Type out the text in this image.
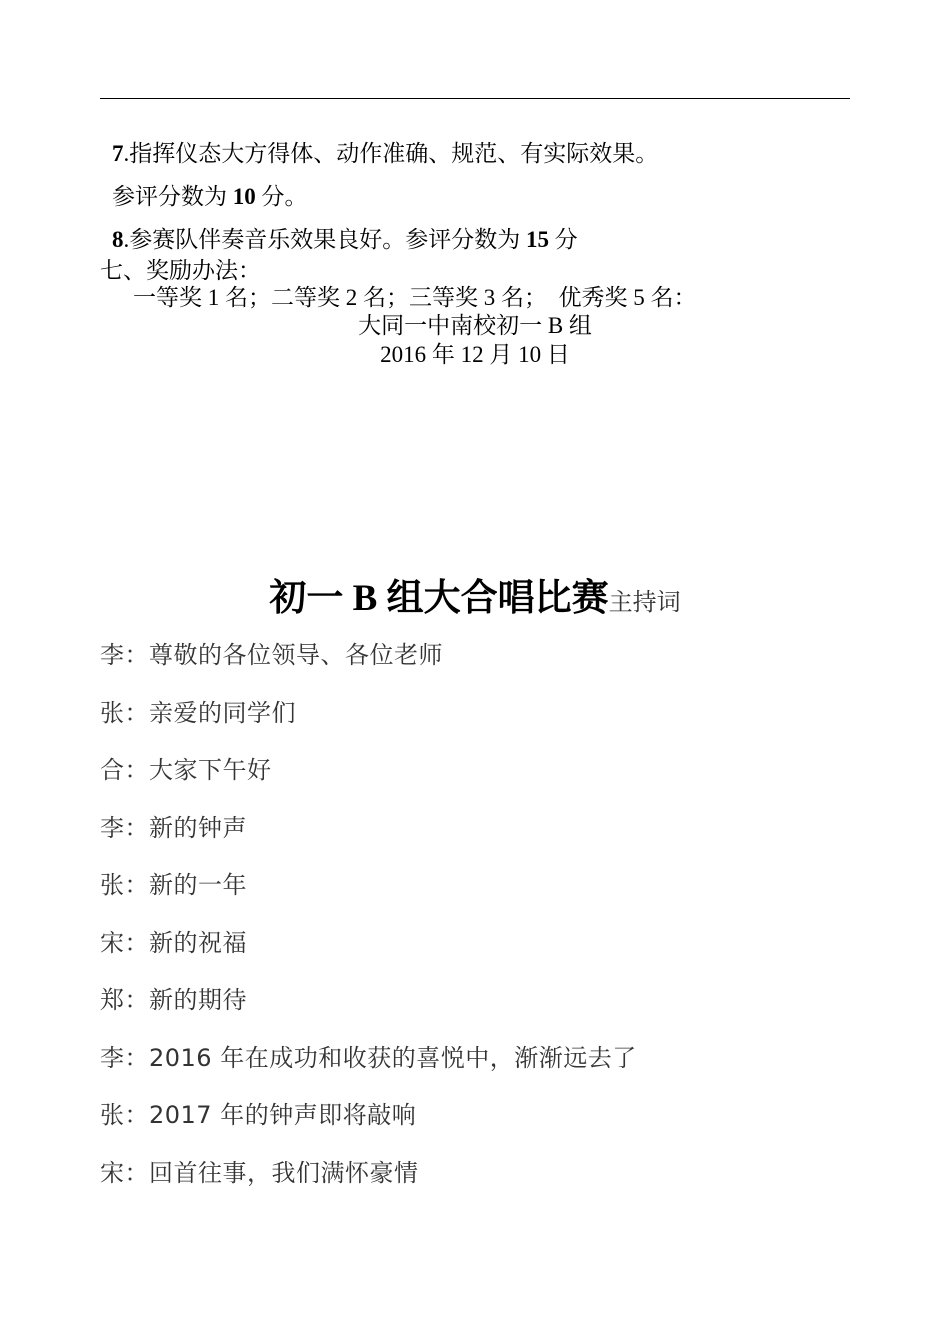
7.指挥仪态大方得体、动作准确、规范、有实际效果。
参评分数为 10 分。
8.参赛队伴奏音乐效果良好。参评分数为 15 分
七、奖励办法：
一等奖 1 名；二等奖 2 名；三等奖 3 名；  优秀奖 5 名：
大同一中南校初一 B 组
2016 年 12 月 10 日
初一 B 组大合唱比赛主持词
李：尊敬的各位领导、各位老师
张：亲爱的同学们
合：大家下午好
李：新的钟声
张：新的一年
宋：新的祝福
郑：新的期待
李：2016 年在成功和收获的喜悦中，渐渐远去了
张：2017 年的钟声即将敲响
宋：回首往事，我们满怀豪情
